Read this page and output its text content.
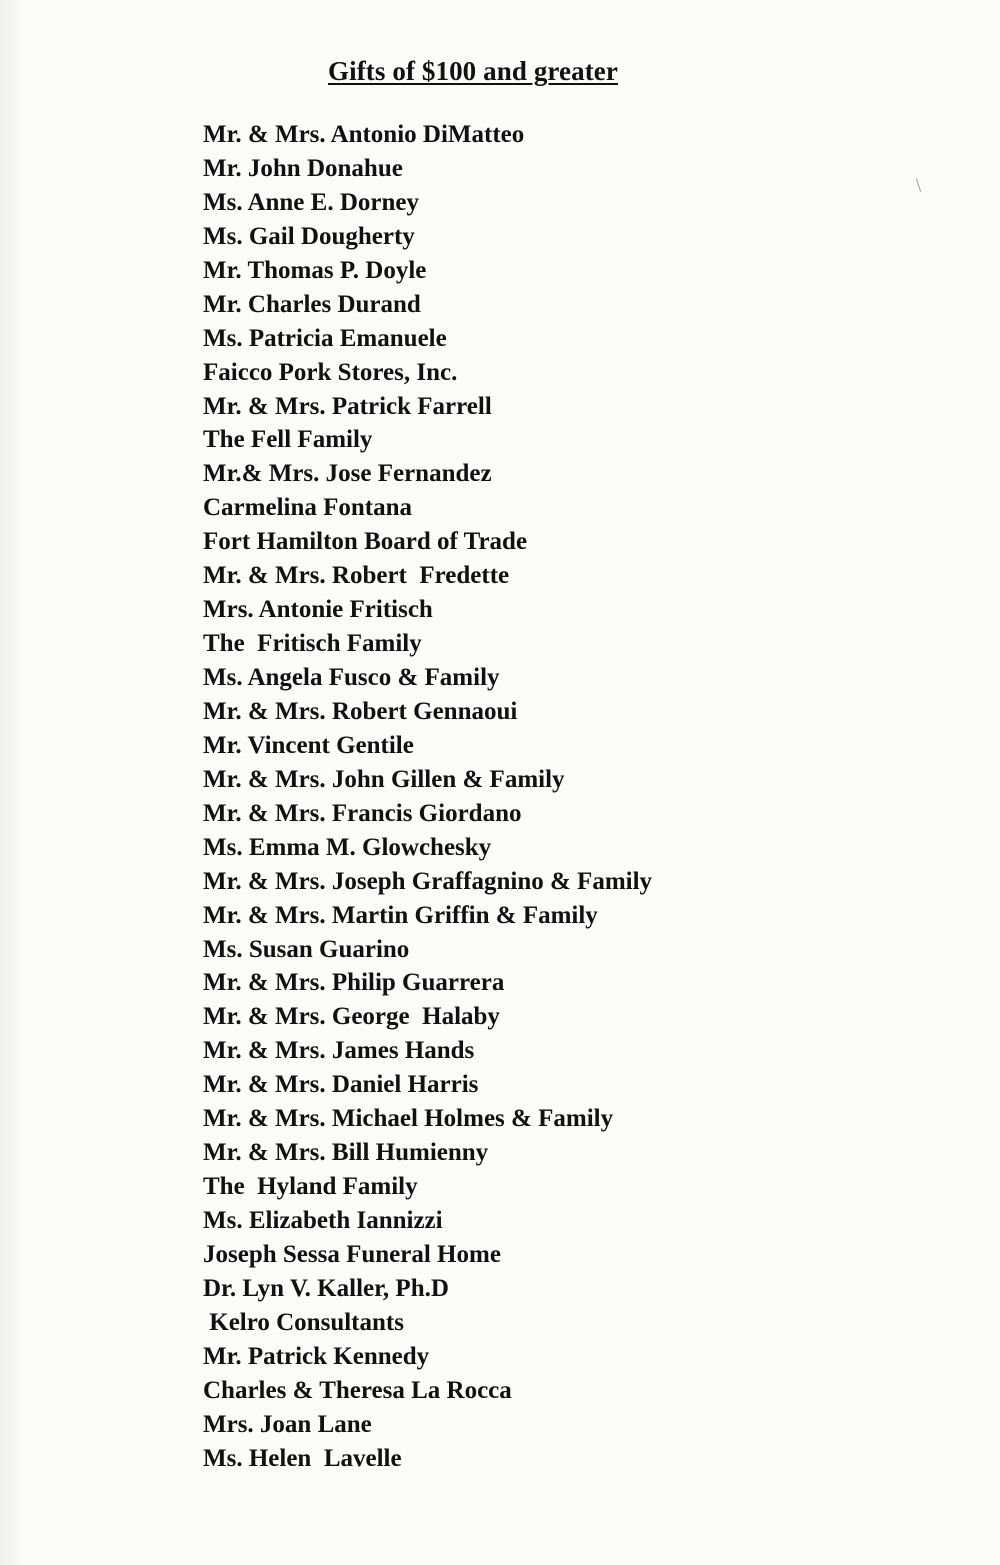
Gifts of $100 and greater
Mr. & Mrs. Antonio DiMatteo
Mr. John Donahue
Ms. Anne E. Dorney
Ms. Gail Dougherty
Mr. Thomas P. Doyle
Mr. Charles Durand
Ms. Patricia Emanuele
Faicco Pork Stores, Inc.
Mr. & Mrs. Patrick Farrell
The Fell Family
Mr.& Mrs. Jose Fernandez
Carmelina Fontana
Fort Hamilton Board of Trade
Mr. & Mrs. Robert  Fredette
Mrs. Antonie Fritisch
The  Fritisch Family
Ms. Angela Fusco & Family
Mr. & Mrs. Robert Gennaoui
Mr. Vincent Gentile
Mr. & Mrs. John Gillen & Family
Mr. & Mrs. Francis Giordano
Ms. Emma M. Glowchesky
Mr. & Mrs. Joseph Graffagnino & Family
Mr. & Mrs. Martin Griffin & Family
Ms. Susan Guarino
Mr. & Mrs. Philip Guarrera
Mr. & Mrs. George  Halaby
Mr. & Mrs. James Hands
Mr. & Mrs. Daniel Harris
Mr. & Mrs. Michael Holmes & Family
Mr. & Mrs. Bill Humienny
The  Hyland Family
Ms. Elizabeth Iannizzi
Joseph Sessa Funeral Home
Dr. Lyn V. Kaller, Ph.D
Kelro Consultants
Mr. Patrick Kennedy
Charles & Theresa La Rocca
Mrs. Joan Lane
Ms. Helen  Lavelle
